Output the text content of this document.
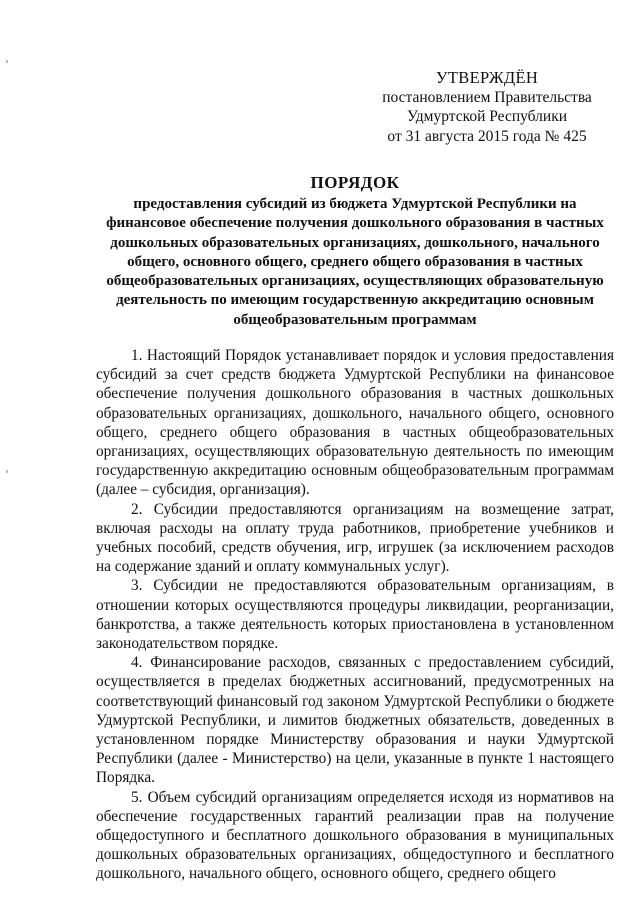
УТВЕРЖДЁН
постановлением Правительства
Удмуртской Республики
от 31 августа 2015 года № 425
ПОРЯДОК
предоставления субсидий из бюджета Удмуртской Республики на финансовое обеспечение получения дошкольного образования в частных дошкольных образовательных организациях, дошкольного, начального общего, основного общего, среднего общего образования в частных общеобразовательных организациях, осуществляющих образовательную деятельность по имеющим государственную аккредитацию основным общеобразовательным программам

1. Настоящий Порядок устанавливает порядок и условия предоставления субсидий за счет средств бюджета Удмуртской Республики на финансовое обеспечение получения дошкольного образования в частных дошкольных образовательных организациях, дошкольного, начального общего, основного общего, среднего общего образования в частных общеобразовательных организациях, осуществляющих образовательную деятельность по имеющим государственную аккредитацию основным общеобразовательным программам (далее – субсидия, организация).

2. Субсидии предоставляются организациям на возмещение затрат, включая расходы на оплату труда работников, приобретение учебников и учебных пособий, средств обучения, игр, игрушек (за исключением расходов на содержание зданий и оплату коммунальных услуг).

3. Субсидии не предоставляются образовательным организациям, в отношении которых осуществляются процедуры ликвидации, реорганизации, банкротства, а также деятельность которых приостановлена в установленном законодательством порядке.

4. Финансирование расходов, связанных с предоставлением субсидий, осуществляется в пределах бюджетных ассигнований, предусмотренных на соответствующий финансовый год законом Удмуртской Республики о бюджете Удмуртской Республики, и лимитов бюджетных обязательств, доведенных в установленном порядке Министерству образования и науки Удмуртской Республики (далее - Министерство) на цели, указанные в пункте 1 настоящего Порядка.

5. Объем субсидий организациям определяется исходя из нормативов на обеспечение государственных гарантий реализации прав на получение общедоступного и бесплатного дошкольного образования в муниципальных дошкольных образовательных организациях, общедоступного и бесплатного дошкольного, начального общего, основного общего, среднего общего
